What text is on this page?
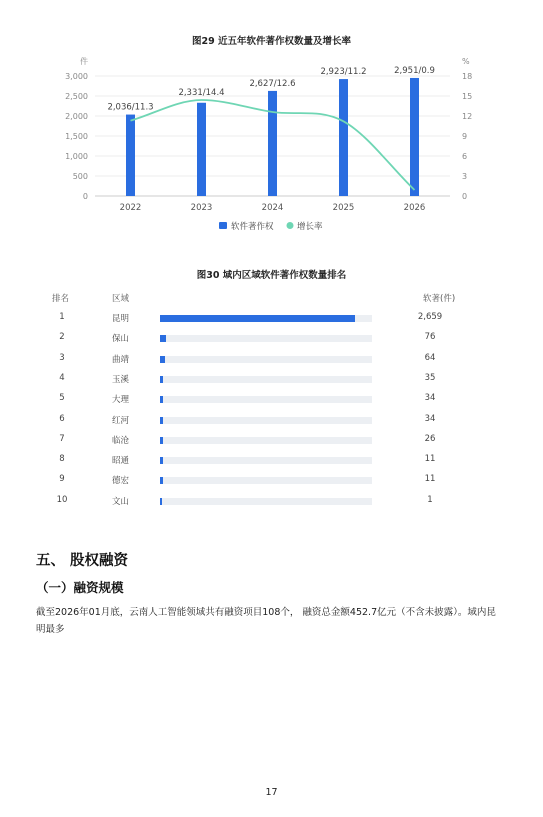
图29 近五年软件著作权数量及增长率
件	%
0
500
1,000
1,500
2,000
2,500
3,000
0
3
6
9
12
15
18
2,036/11.3
2,331/14.4
2,627/12.6
2,923/11.2	2,951/0.9
2022	2023	2024	2025	2026
软件著作权	增长率
图30 域内区域软件著作权数量排名
排名	区域	软著(件)
1	昆明	2,659
2	保山	76
3	曲靖	64
4	玉溪	35
5	大理	34
6	红河	34
7	临沧	26
8	昭通	11
9	德宏	11
10	文山	1
五、 股权融资
（一）融资规模
截至2026年01月底，云南人工智能领域共有融资项目108个， 融资总金额452.7亿元（不含未披露）。域内昆明最多
17
